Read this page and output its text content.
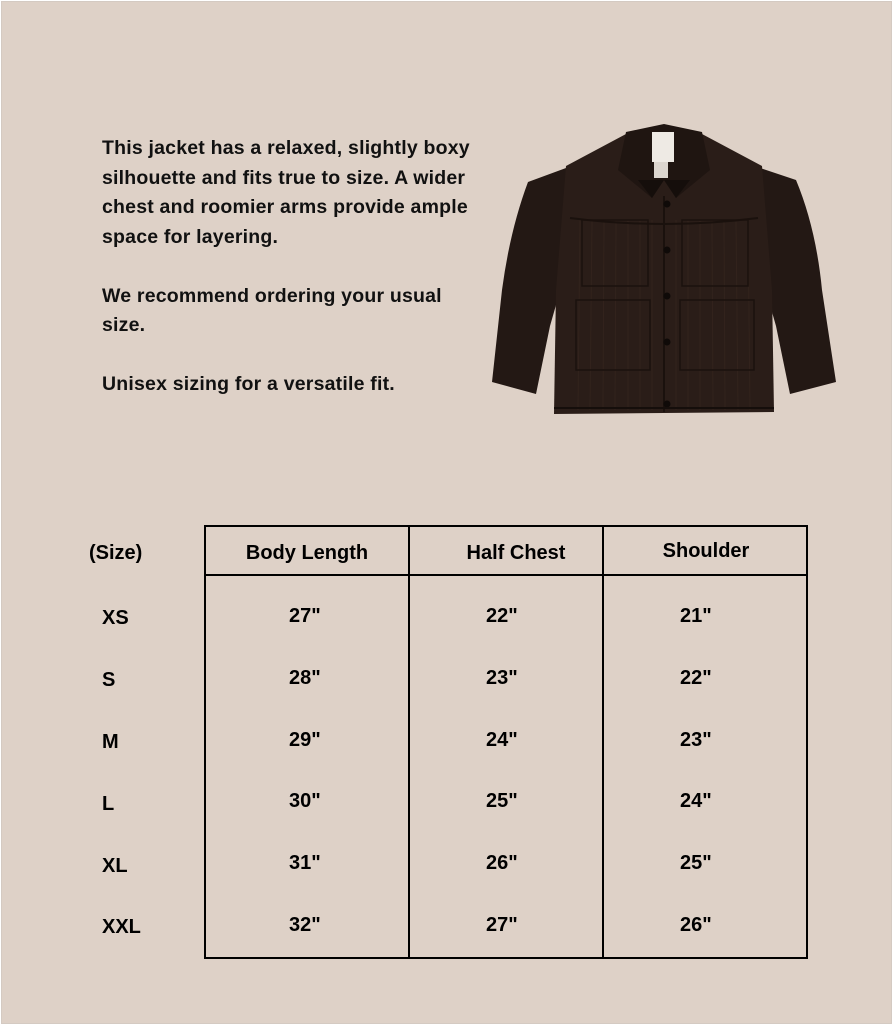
This jacket has a relaxed, slightly boxy silhouette and fits true to size. A wider chest and roomier arms provide ample space for layering.

We recommend ordering your usual size.

Unisex sizing for a versatile fit.

(Size)	Body Length	Half Chest	Shoulder
XS	27"	22"	21"
S	28"	23"	22"
M	29"	24"	23"
L	30"	25"	24"
XL	31"	26"	25"
XXL	32"	27"	26"
